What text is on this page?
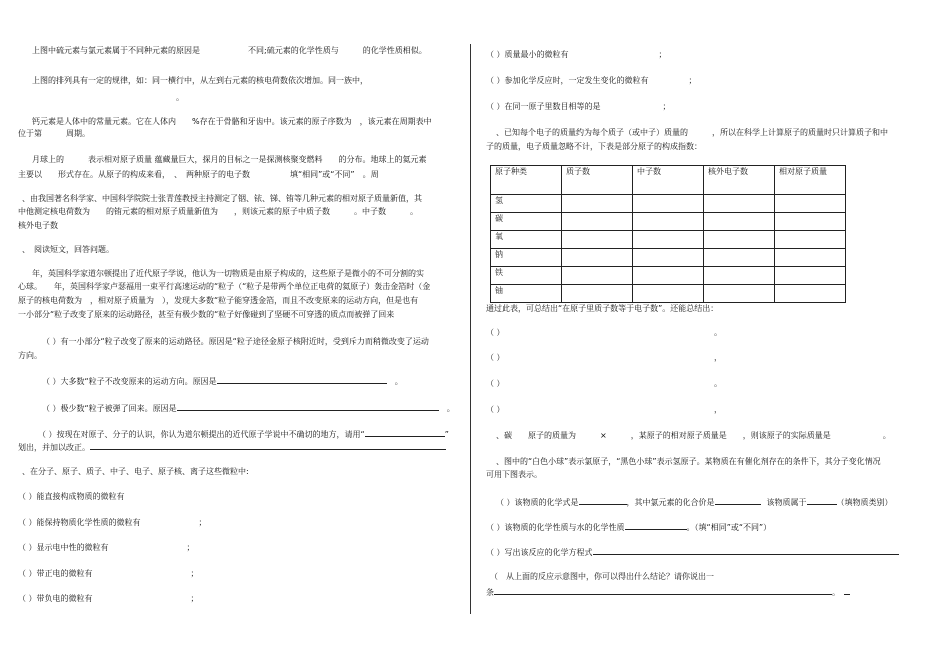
上图中硫元素与氯元素属于不同种元素的原因是　　　　　　不同;硫元素的化学性质与　　　的化学性质相似。
上图的排列具有一定的规律，如：同一横行中，从左到右元素的核电荷数依次增加。同一族中，
。
钙元素是人体中的常量元素。它在人体内　　%存在于骨骼和牙齿中。该元素的原子序数为　，该元素在周期表中
位于第　　　周期。
月球上的　　　表示相对原子质量 蕴藏量巨大，探月的目标之一是探测核聚变燃料　　的分布。地球上的氦元素
主要以　　形式存在。从原子的构成来看，　、　两种原子的电子数　　　　　填“相同”或“不同”　。周
、由我国著名科学家、中国科学院院士张青莲教授主持测定了铟、铱、锑、铕等几种元素的相对原子质量新值，其
中他测定核电荷数为　　的铕元素的相对原子质量新值为　　，则该元素的原子中质子数　　　。中子数　　　。
核外电子数
、　阅读短文，回答问题。
年，英国科学家道尔顿提出了近代原子学说，他认为一切物质是由原子构成的，这些原子是微小的不可分割的实
心球。　　年，英国科学家卢瑟福用一束平行高速运动的“粒子（“粒子是带两个单位正电荷的氦原子）轰击金箔时（金
原子的核电荷数为　，相对原子质量为　），发现大多数“粒子能穿透金箔，而且不改变原来的运动方向，但是也有
一小部分“粒子改变了原来的运动路径，甚至有极少数的“粒子好像碰到了坚硬不可穿透的质点而被弹了回来
（ ）有一小部分“粒子改变了原来的运动路径。原因是“粒子途径金原子核附近时，受到斥力而稍微改变了运动
方向。
（ ）大多数“粒子不改变原来的运动方向。原因是	。
（ ）极少数“粒子被弹了回来。原因是	。
（ ）按现在对原子、分子的认识，你认为道尔顿提出的近代原子学说中不确切的地方，请用“	”
划出，并加以改正。
、在分子、原子、质子、中子、电子、原子核、离子这些微粒中:
（ ）能直接构成物质的微粒有
（ ）能保持物质化学性质的微粒有	；
（ ）显示电中性的微粒有	；
（ ）带正电的微粒有	；
（ ）带负电的微粒有	；
（ ）质量最小的微粒有	；
（ ）参加化学反应时，一定发生变化的微粒有	；
（ ）在同一原子里数目相等的是	；
、已知每个电子的质量约为每个质子（或中子）质量的　　　，所以在科学上计算原子的质量时只计算质子和中
子的质量，电子质量忽略不计，下表是部分原子的构成指数：
原子种类	质子数	中子数	核外电子数	相对原子质量
氢				
碳				
氧				
钠				
铁				
铀				
通过此表，可总结出“在原子里质子数等于电子数”。还能总结出：
（ ）	。
（ ）	，
（ ）	。
（ ）	，
、碳　　原子的质量为　　　×　　　，某原子的相对原子质量是　　，则该原子的实际质量是	。
、图中的“白色小球”表示氯原子，“黑色小球”表示氢原子。某物质在有催化剂存在的条件下，其分子变化情况
可用下图表示。
（ ）该物质的化学式是	，其中氯元素的化合价是	该物质属于	（填物质类别）
（ ）该物质的化学性质与水的化学性质	。（填“相同”或“不同”）
（ ）写出该反应的化学方程式
（　从上面的反应示意图中，你可以得出什么结论？请你说出一
条	。
